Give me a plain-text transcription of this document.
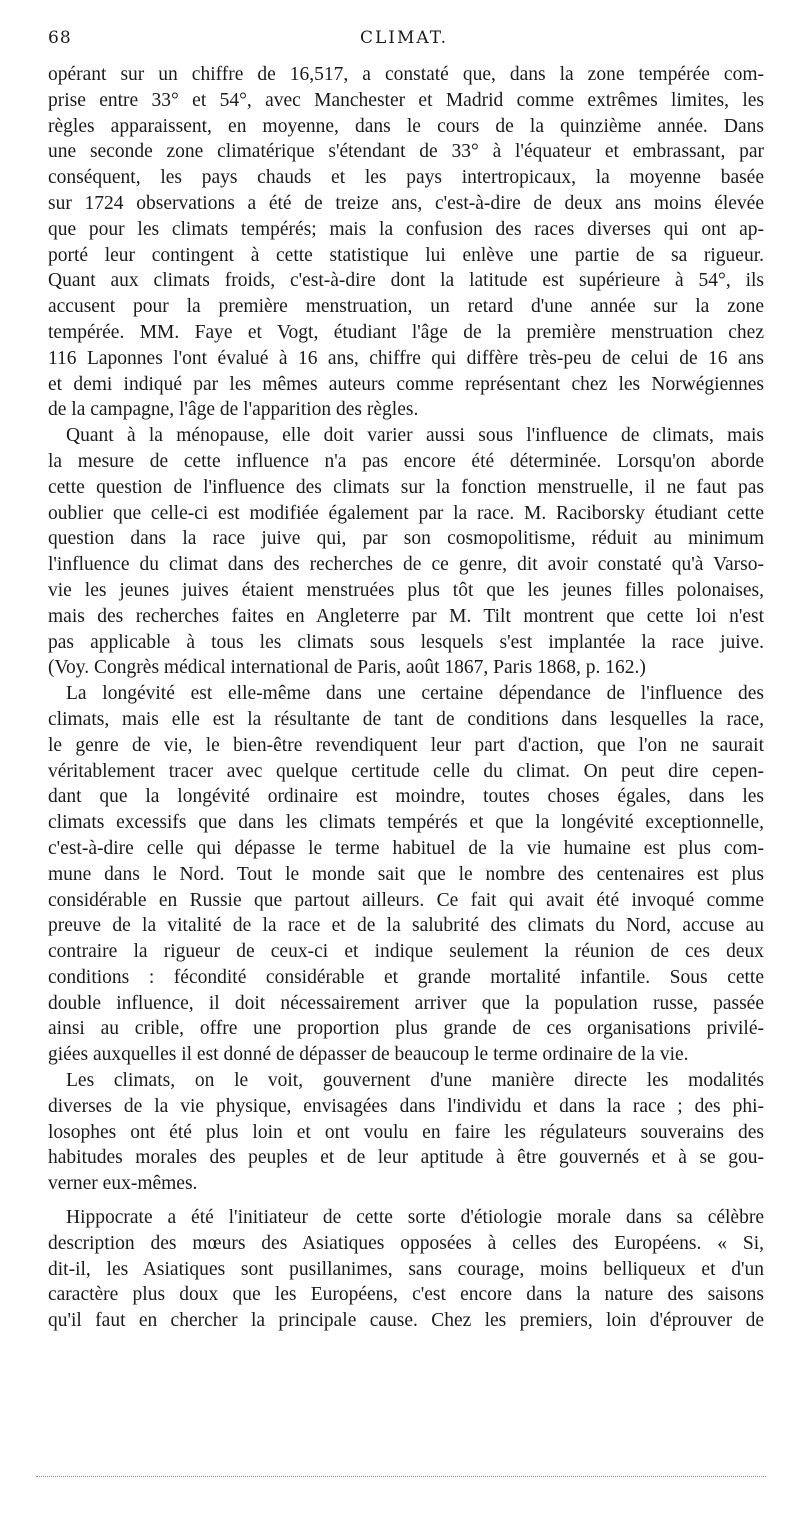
68	CLIMAT.
opérant sur un chiffre de 16,517, a constaté que, dans la zone tempérée com-
prise entre 33° et 54°, avec Manchester et Madrid comme extrêmes limites, les
règles apparaissent, en moyenne, dans le cours de la quinzième année. Dans
une seconde zone climatérique s'étendant de 33° à l'équateur et embrassant, par
conséquent, les pays chauds et les pays intertropicaux, la moyenne basée
sur 1724 observations a été de treize ans, c'est-à-dire de deux ans moins élevée
que pour les climats tempérés; mais la confusion des races diverses qui ont ap-
porté leur contingent à cette statistique lui enlève une partie de sa rigueur.
Quant aux climats froids, c'est-à-dire dont la latitude est supérieure à 54°, ils
accusent pour la première menstruation, un retard d'une année sur la zone
tempérée. MM. Faye et Vogt, étudiant l'âge de la première menstruation chez
116 Laponnes l'ont évalué à 16 ans, chiffre qui diffère très-peu de celui de 16 ans
et demi indiqué par les mêmes auteurs comme représentant chez les Norwégiennes
de la campagne, l'âge de l'apparition des règles.
Quant à la ménopause, elle doit varier aussi sous l'influence de climats, mais
la mesure de cette influence n'a pas encore été déterminée. Lorsqu'on aborde
cette question de l'influence des climats sur la fonction menstruelle, il ne faut pas
oublier que celle-ci est modifiée également par la race. M. Raciborsky étudiant cette
question dans la race juive qui, par son cosmopolitisme, réduit au minimum
l'influence du climat dans des recherches de ce genre, dit avoir constaté qu'à Varso-
vie les jeunes juives étaient menstruées plus tôt que les jeunes filles polonaises,
mais des recherches faites en Angleterre par M. Tilt montrent que cette loi n'est
pas applicable à tous les climats sous lesquels s'est implantée la race juive.
(Voy. Congrès médical international de Paris, août 1867, Paris 1868, p. 162.)
La longévité est elle-même dans une certaine dépendance de l'influence des
climats, mais elle est la résultante de tant de conditions dans lesquelles la race,
le genre de vie, le bien-être revendiquent leur part d'action, que l'on ne saurait
véritablement tracer avec quelque certitude celle du climat. On peut dire cepen-
dant que la longévité ordinaire est moindre, toutes choses égales, dans les
climats excessifs que dans les climats tempérés et que la longévité exceptionnelle,
c'est-à-dire celle qui dépasse le terme habituel de la vie humaine est plus com-
mune dans le Nord. Tout le monde sait que le nombre des centenaires est plus
considérable en Russie que partout ailleurs. Ce fait qui avait été invoqué comme
preuve de la vitalité de la race et de la salubrité des climats du Nord, accuse au
contraire la rigueur de ceux-ci et indique seulement la réunion de ces deux
conditions : fécondité considérable et grande mortalité infantile. Sous cette
double influence, il doit nécessairement arriver que la population russe, passée
ainsi au crible, offre une proportion plus grande de ces organisations privilé-
giées auxquelles il est donné de dépasser de beaucoup le terme ordinaire de la vie.
Les climats, on le voit, gouvernent d'une manière directe les modalités
diverses de la vie physique, envisagées dans l'individu et dans la race ; des phi-
losophes ont été plus loin et ont voulu en faire les régulateurs souverains des
habitudes morales des peuples et de leur aptitude à être gouvernés et à se gou-
verner eux-mêmes.
Hippocrate a été l'initiateur de cette sorte d'étiologie morale dans sa célèbre
description des mœurs des Asiatiques opposées à celles des Européens. « Si,
dit-il, les Asiatiques sont pusillanimes, sans courage, moins belliqueux et d'un
caractère plus doux que les Européens, c'est encore dans la nature des saisons
qu'il faut en chercher la principale cause. Chez les premiers, loin d'éprouver de
